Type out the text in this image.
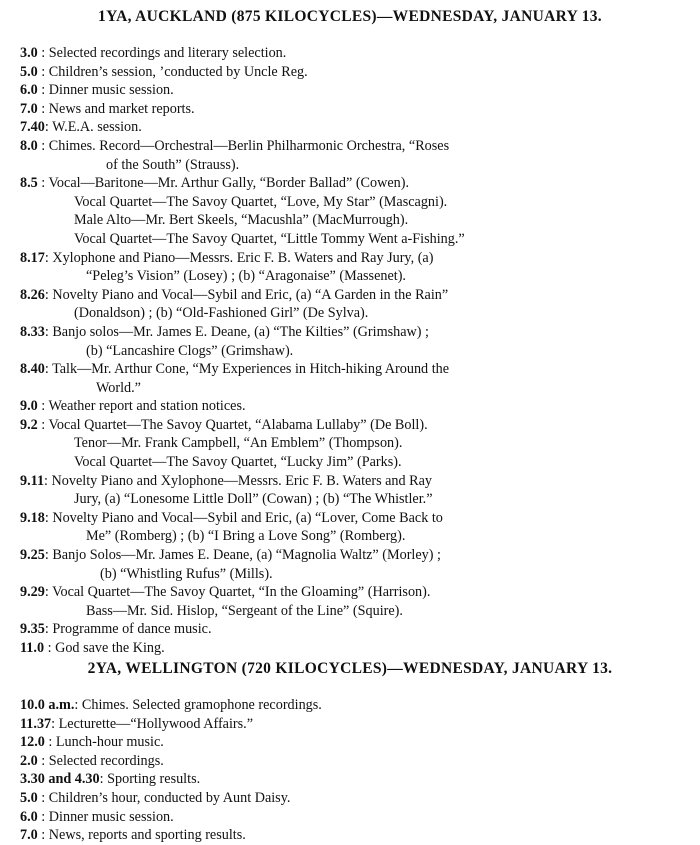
1YA, AUCKLAND (875 KILOCYCLES)—WEDNESDAY, JANUARY 13.
3.0 : Selected recordings and literary selection.
5.0 : Children’s session, ’conducted by Uncle Reg.
6.0 : Dinner music session.
7.0 : News and market reports.
7.40: W.E.A. session.
8.0 : Chimes. Record—Orchestral—Berlin Philharmonic Orchestra, “Roses
of the South” (Strauss).
8.5 : Vocal—Baritone—Mr. Arthur Gally, “Border Ballad” (Cowen).
Vocal Quartet—The Savoy Quartet, “Love, My Star” (Mascagni).
Male Alto—Mr. Bert Skeels, “Macushla” (MacMurrough).
Vocal Quartet—The Savoy Quartet, “Little Tommy Went a-Fishing.”
8.17: Xylophone and Piano—Messrs. Eric F. B. Waters and Ray Jury, (a)
“Peleg’s Vision” (Losey) ; (b) “Aragonaise” (Massenet).
8.26: Novelty Piano and Vocal—Sybil and Eric, (a) “A Garden in the Rain”
(Donaldson) ; (b) “Old-Fashioned Girl” (De Sylva).
8.33: Banjo solos—Mr. James E. Deane, (a) “The Kilties” (Grimshaw) ;
(b) “Lancashire Clogs” (Grimshaw).
8.40: Talk—Mr. Arthur Cone, “My Experiences in Hitch-hiking Around the
World.”
9.0 : Weather report and station notices.
9.2 : Vocal Quartet—The Savoy Quartet, “Alabama Lullaby” (De Boll).
Tenor—Mr. Frank Campbell, “An Emblem” (Thompson).
Vocal Quartet—The Savoy Quartet, “Lucky Jim” (Parks).
9.11: Novelty Piano and Xylophone—Messrs. Eric F. B. Waters and Ray
Jury, (a) “Lonesome Little Doll” (Cowan) ; (b) “The Whistler.”
9.18: Novelty Piano and Vocal—Sybil and Eric, (a) “Lover, Come Back to
Me” (Romberg) ; (b) “I Bring a Love Song” (Romberg).
9.25: Banjo Solos—Mr. James E. Deane, (a) “Magnolia Waltz” (Morley) ;
(b) “Whistling Rufus” (Mills).
9.29: Vocal Quartet—The Savoy Quartet, “In the Gloaming” (Harrison).
Bass—Mr. Sid. Hislop, “Sergeant of the Line” (Squire).
9.35: Programme of dance music.
11.0 : God save the King.
2YA, WELLINGTON (720 KILOCYCLES)—WEDNESDAY, JANUARY 13.
10.0 a.m.: Chimes. Selected gramophone recordings.
11.37: Lecturette—“Hollywood Affairs.”
12.0 : Lunch-hour music.
2.0 : Selected recordings.
3.30 and 4.30: Sporting results.
5.0 : Children’s hour, conducted by Aunt Daisy.
6.0 : Dinner music session.
7.0 : News, reports and sporting results.
